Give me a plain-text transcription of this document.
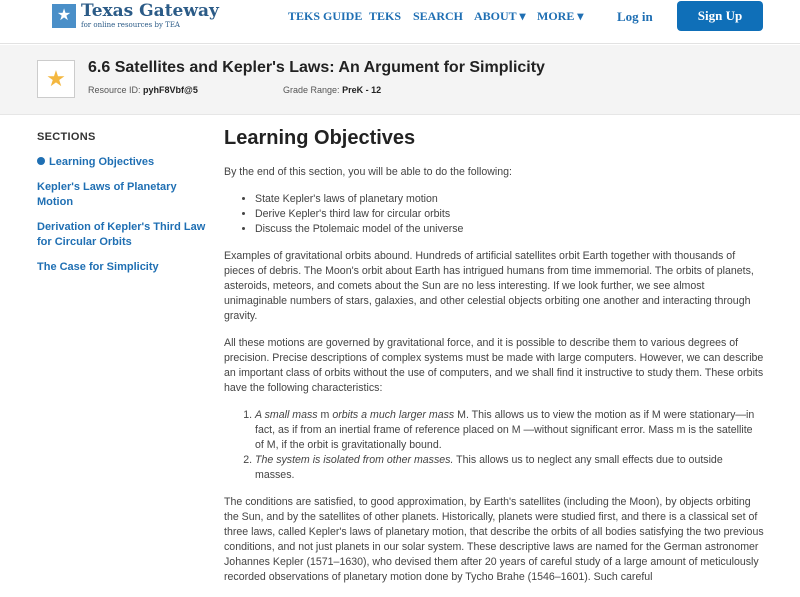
★ Texas Gateway
for online resources by TEA
TEKS GUIDE TEKS SEARCH ABOUT ▾ MORE ▾	Log in	Sign Up
★	6.6 Satellites and Kepler's Laws: An Argument for Simplicity
Resource ID: pyhF8Vbf@5	Grade Range: PreK - 12
SECTIONS
Learning Objectives
Kepler's Laws of Planetary Motion
Derivation of Kepler's Third Law for Circular Orbits
The Case for Simplicity
Learning Objectives

By the end of this section, you will be able to do the following:

• State Kepler's laws of planetary motion
• Derive Kepler's third law for circular orbits
• Discuss the Ptolemaic model of the universe

Examples of gravitational orbits abound. Hundreds of artificial satellites orbit Earth together with thousands of pieces of debris. The Moon's orbit about Earth has intrigued humans from time immemorial. The orbits of planets, asteroids, meteors, and comets about the Sun are no less interesting. If we look further, we see almost unimaginable numbers of stars, galaxies, and other celestial objects orbiting one another and interacting through gravity.

All these motions are governed by gravitational force, and it is possible to describe them to various degrees of precision. Precise descriptions of complex systems must be made with large computers. However, we can describe an important class of orbits without the use of computers, and we shall find it instructive to study them. These orbits have the following characteristics:

1. A small mass m orbits a much larger mass M. This allows us to view the motion as if M were stationary—in fact, as if from an inertial frame of reference placed on M —without significant error. Mass m is the satellite of M, if the orbit is gravitationally bound.
2. The system is isolated from other masses. This allows us to neglect any small effects due to outside masses.

The conditions are satisfied, to good approximation, by Earth's satellites (including the Moon), by objects orbiting the Sun, and by the satellites of other planets. Historically, planets were studied first, and there is a classical set of three laws, called Kepler's laws of planetary motion, that describe the orbits of all bodies satisfying the two previous conditions, and not just planets in our solar system. These descriptive laws are named for the German astronomer Johannes Kepler (1571–1630), who devised them after 20 years of careful study of a large amount of meticulously recorded observations of planetary motion done by Tycho Brahe (1546–1601). Such careful
